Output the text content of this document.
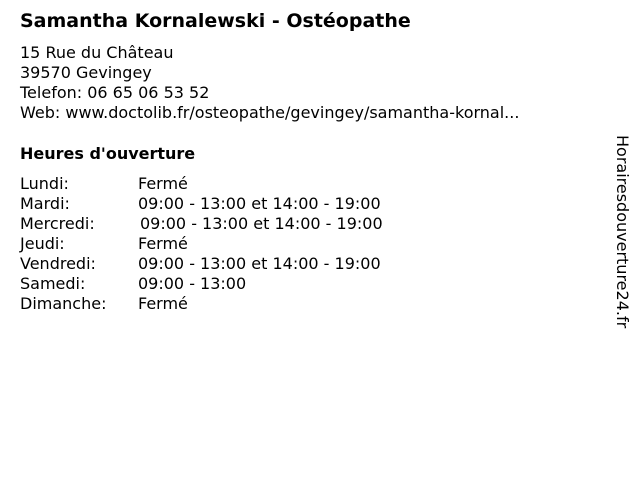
Samantha Kornalewski - Ostéopathe
15 Rue du Château
39570 Gevingey
Telefon: 06 65 06 53 52
Web: www.doctolib.fr/osteopathe/gevingey/samantha-kornal...
Heures d'ouverture
Lundi:	Fermé
Mardi:	09:00 - 13:00 et 14:00 - 19:00
Mercredi:	09:00 - 13:00 et 14:00 - 19:00
Jeudi:	Fermé
Vendredi:	09:00 - 13:00 et 14:00 - 19:00
Samedi:	09:00 - 13:00
Dimanche: Fermé	Horairesdouverture24.fr
